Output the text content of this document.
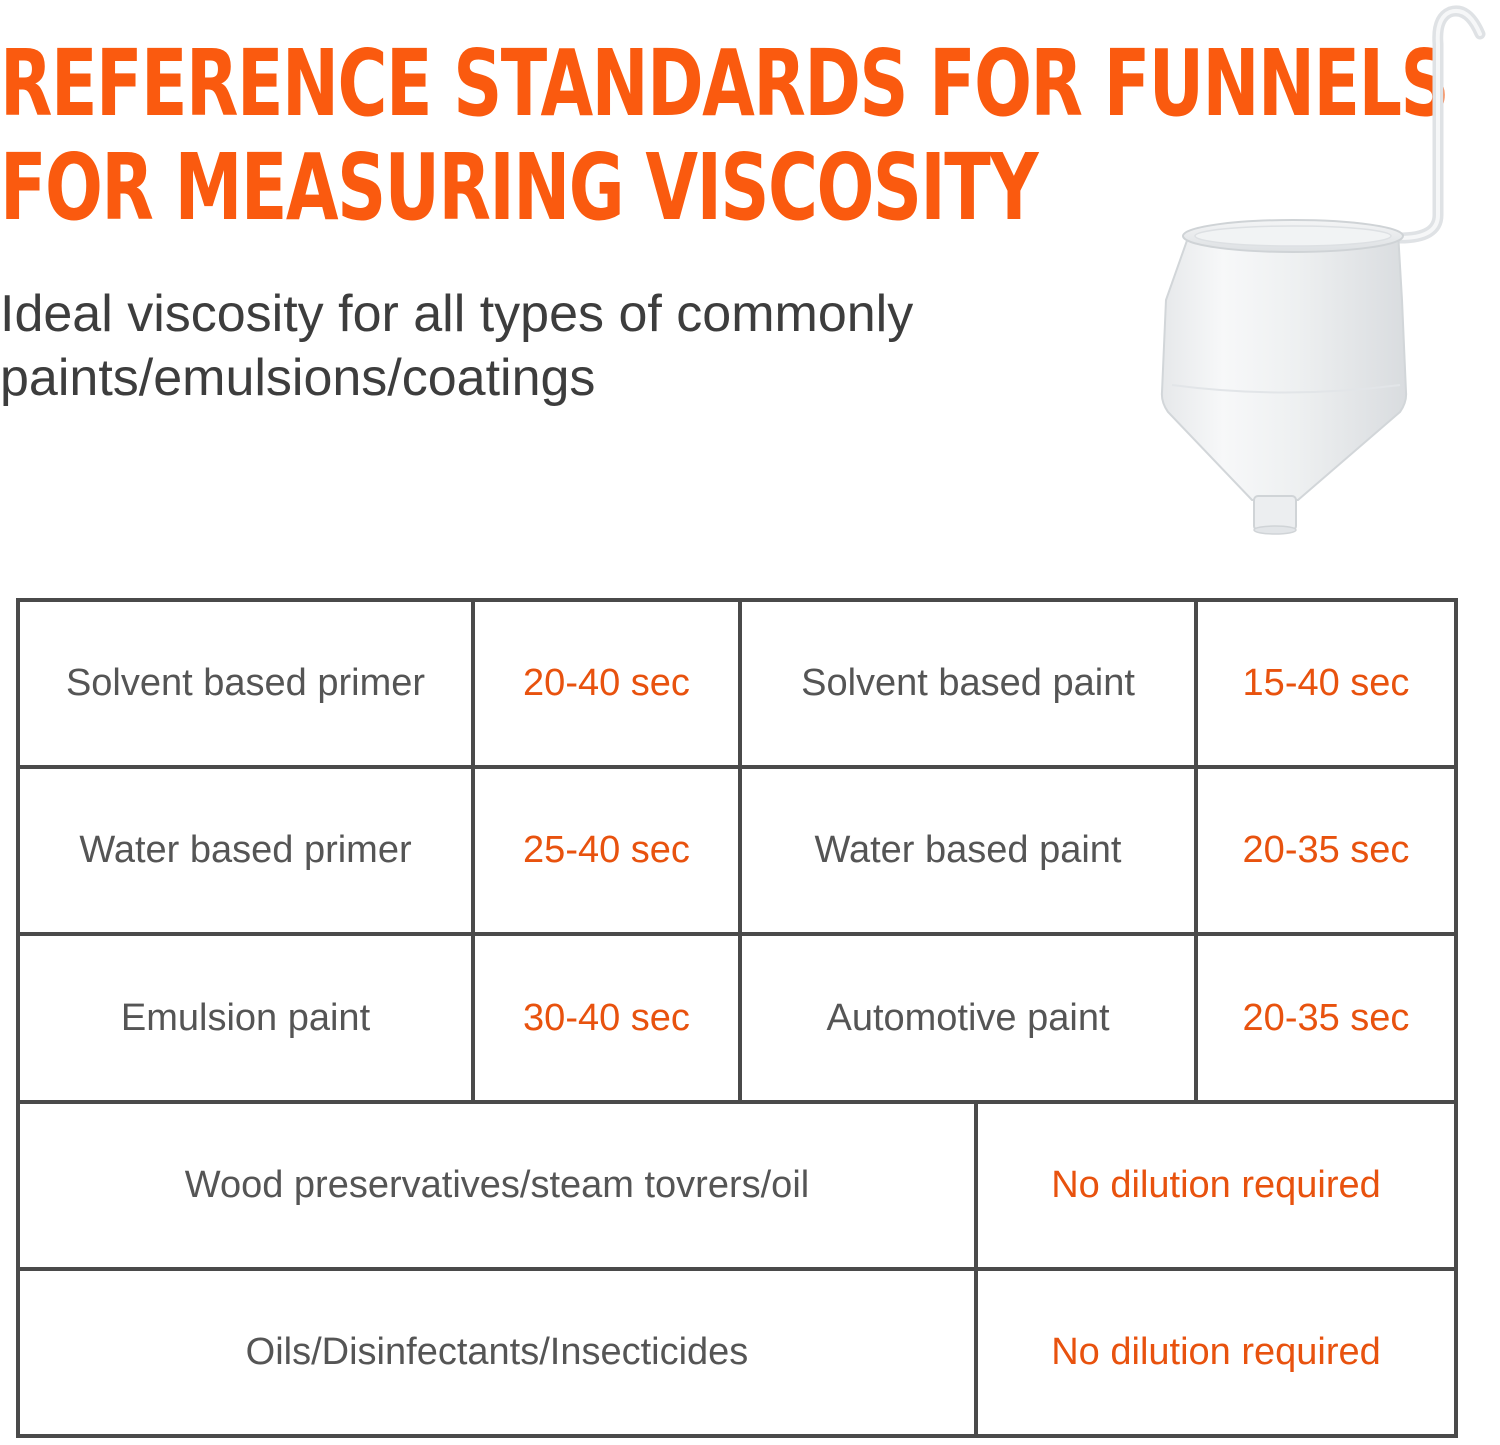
REFERENCE STANDARDS FOR FUNNELS
FOR MEASURING VISCOSITY

Ideal viscosity for all types of commonly
paints/emulsions/coatings

Solvent based primer	20-40 sec	Solvent based paint	15-40 sec
Water based primer	25-40 sec	Water based paint	20-35 sec
Emulsion paint	30-40 sec	Automotive paint	20-35 sec
Wood preservatives/steam tovrers/oil	No dilution required
Oils/Disinfectants/Insecticides	No dilution required
